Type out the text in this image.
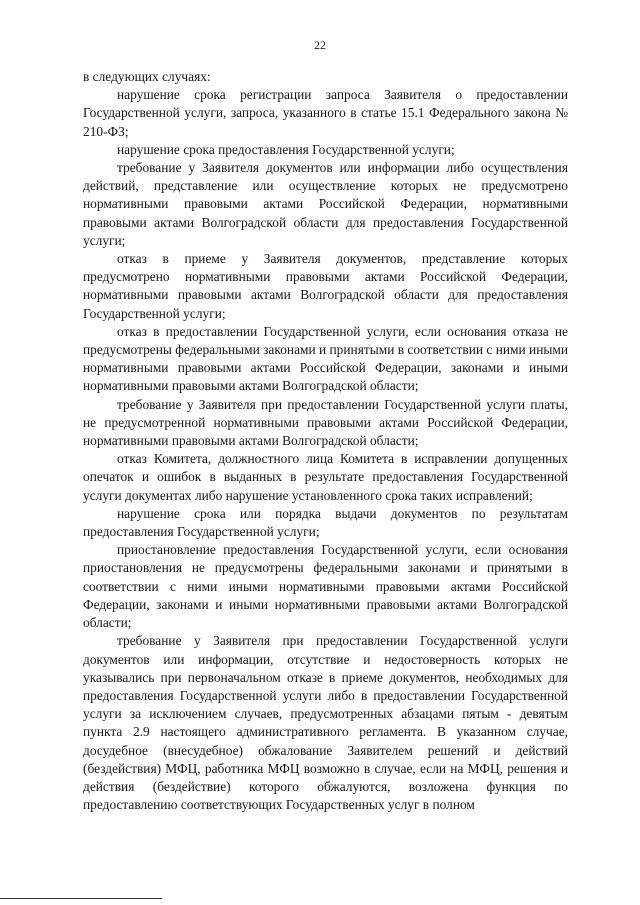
22

в следующих случаях:

нарушение срока регистрации запроса Заявителя о предоставлении Государственной услуги, запроса, указанного в статье 15.1 Федерального закона № 210-ФЗ;

нарушение срока предоставления Государственной услуги;

требование у Заявителя документов или информации либо осуществления действий, представление или осуществление которых не предусмотрено нормативными правовыми актами Российской Федерации, нормативными правовыми актами Волгоградской области для предоставления Государственной услуги;

отказ в приеме у Заявителя документов, представление которых предусмотрено нормативными правовыми актами Российской Федерации, нормативными правовыми актами Волгоградской области для предоставления Государственной услуги;

отказ в предоставлении Государственной услуги, если основания отказа не предусмотрены федеральными законами и принятыми в соответствии с ними иными нормативными правовыми актами Российской Федерации, законами и иными нормативными правовыми актами Волгоградской области;

требование у Заявителя при предоставлении Государственной услуги платы, не предусмотренной нормативными правовыми актами Российской Федерации, нормативными правовыми актами Волгоградской области;

отказ Комитета, должностного лица Комитета в исправлении допущенных опечаток и ошибок в выданных в результате предоставления Государственной услуги документах либо нарушение установленного срока таких исправлений;

нарушение срока или порядка выдачи документов по результатам предоставления Государственной услуги;

приостановление предоставления Государственной услуги, если основания приостановления не предусмотрены федеральными законами и принятыми в соответствии с ними иными нормативными правовыми актами Российской Федерации, законами и иными нормативными правовыми актами Волгоградской области;

требование у Заявителя при предоставлении Государственной услуги документов или информации, отсутствие и недостоверность которых не указывались при первоначальном отказе в приеме документов, необходимых для предоставления Государственной услуги либо в предоставлении Государственной услуги за исключением случаев, предусмотренных абзацами пятым - девятым пункта 2.9 настоящего административного регламента. В указанном случае, досудебное (внесудебное) обжалование Заявителем решений и действий (бездействия) МФЦ, работника МФЦ возможно в случае, если на МФЦ, решения и действия (бездействие) которого обжалуются, возложена функция по предоставлению соответствующих Государственных услуг в полном
